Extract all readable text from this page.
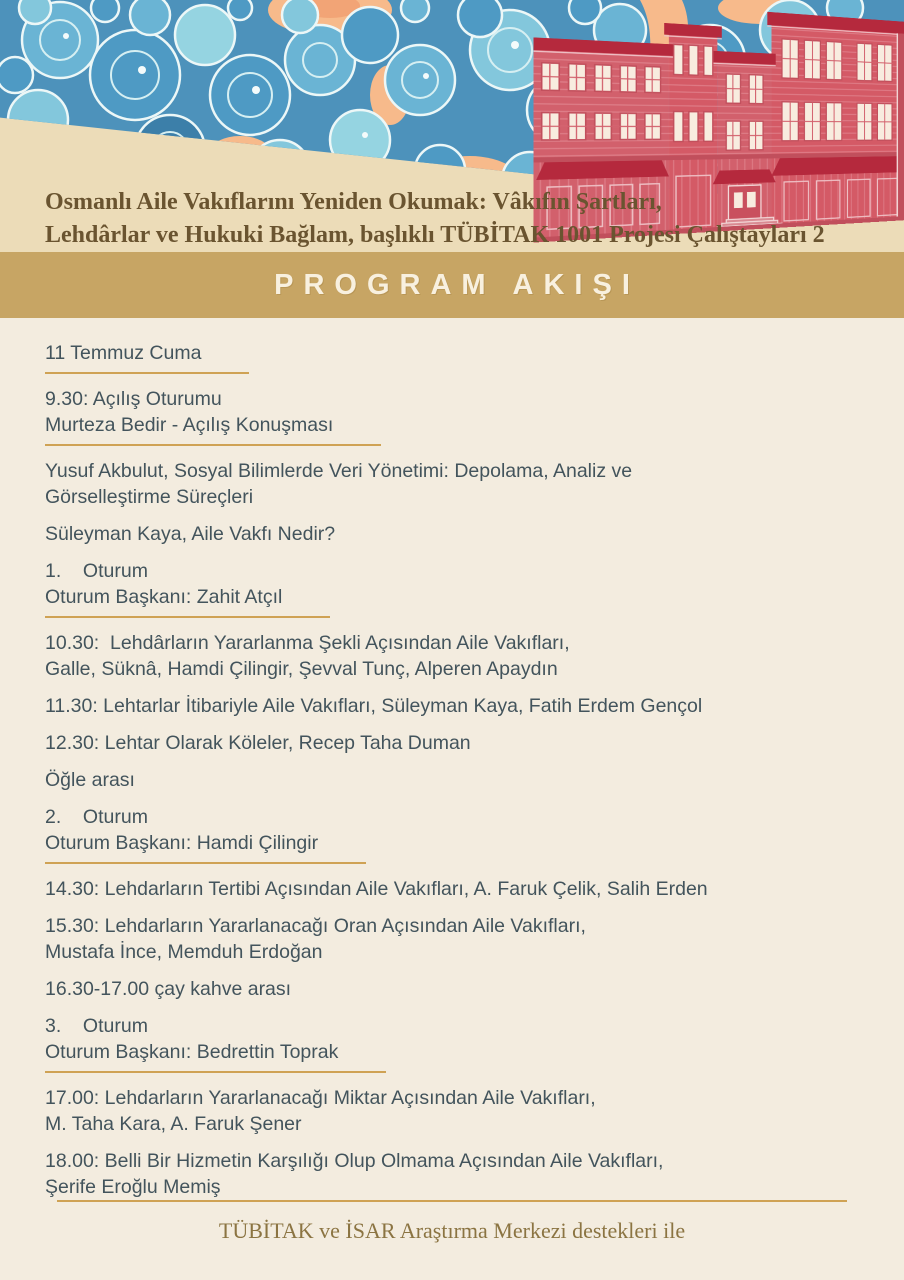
Osmanlı Aile Vakıflarını Yeniden Okumak: Vâkıfın Şartları,
Lehdârlar ve Hukuki Bağlam, başlıklı TÜBİTAK 1001 Projesi Çalıştayları 2
PROGRAM AKIŞI
11 Temmuz Cuma
9.30: Açılış Oturumu
Murteza Bedir - Açılış Konuşması
Yusuf Akbulut, Sosyal Bilimlerde Veri Yönetimi: Depolama, Analiz ve
Görselleştirme Süreçleri
Süleyman Kaya, Aile Vakfı Nedir?
1.    Oturum
Oturum Başkanı: Zahit Atçıl
10.30:  Lehdârların Yararlanma Şekli Açısından Aile Vakıfları,
Galle, Süknâ, Hamdi Çilingir, Şevval Tunç, Alperen Apaydın
11.30: Lehtarlar İtibariyle Aile Vakıfları, Süleyman Kaya, Fatih Erdem Gençol
12.30: Lehtar Olarak Köleler, Recep Taha Duman
Öğle arası
2.    Oturum
Oturum Başkanı: Hamdi Çilingir
14.30: Lehdarların Tertibi Açısından Aile Vakıfları, A. Faruk Çelik, Salih Erden
15.30: Lehdarların Yararlanacağı Oran Açısından Aile Vakıfları,
Mustafa İnce, Memduh Erdoğan
16.30-17.00 çay kahve arası
3.    Oturum
Oturum Başkanı: Bedrettin Toprak
17.00: Lehdarların Yararlanacağı Miktar Açısından Aile Vakıfları,
M. Taha Kara, A. Faruk Şener
18.00: Belli Bir Hizmetin Karşılığı Olup Olmama Açısından Aile Vakıfları,
Şerife Eroğlu Memiş
TÜBİTAK ve İSAR Araştırma Merkezi destekleri ile
